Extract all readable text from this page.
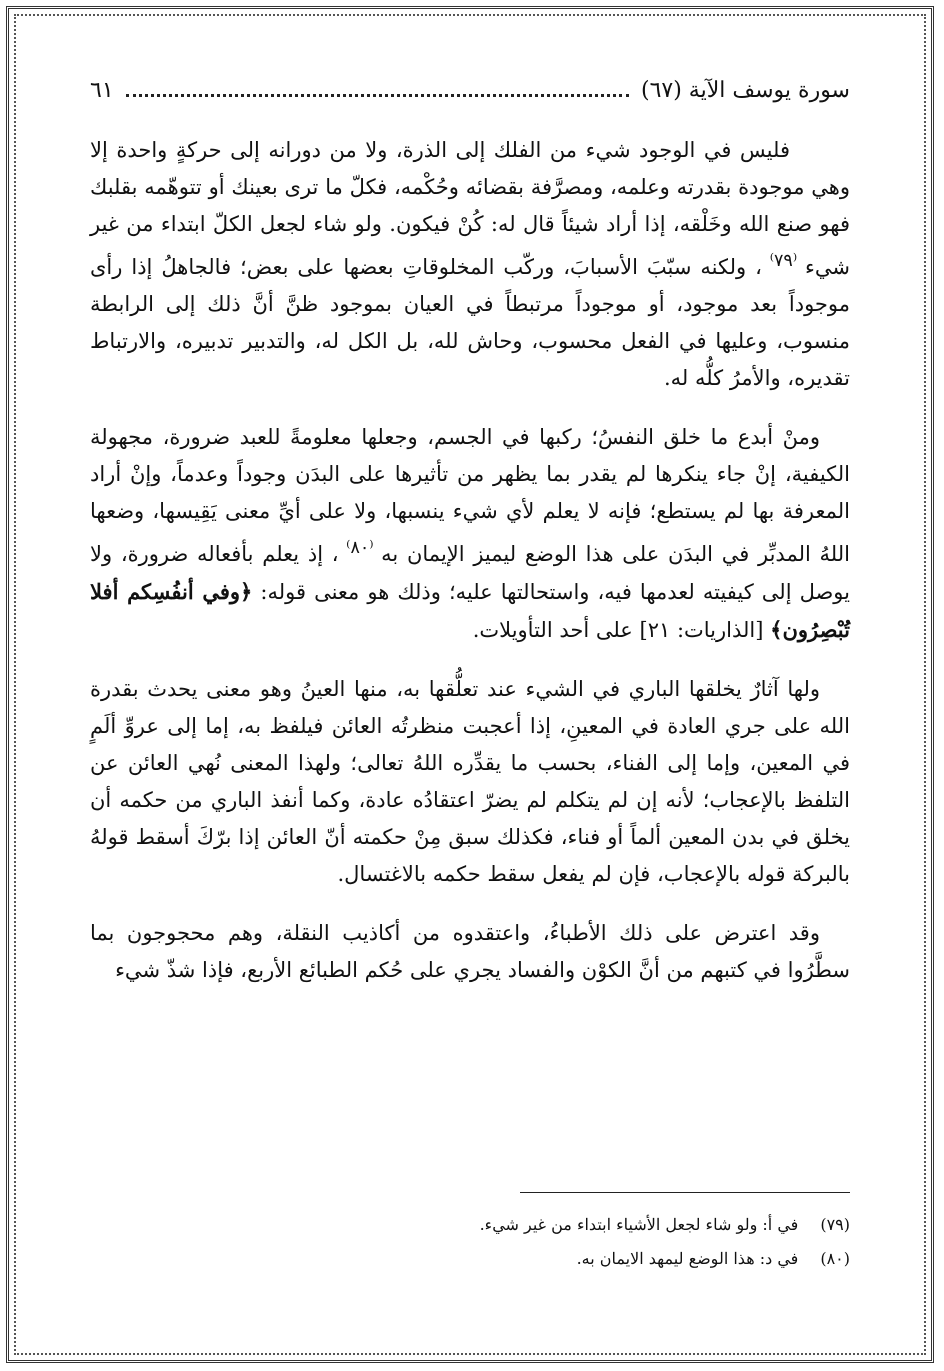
سورة يوسف الآية (٦٧)
٦١

فليس في الوجود شيء من الفلك إلى الذرة، ولا من دورانه إلى حركةٍ واحدة إلا وهي موجودة بقدرته وعلمه، ومصرَّفة بقضائه وحُكْمه، فكلّ ما ترى بعينك أو تتوهّمه بقلبك فهو صنع الله وخَلْقه، إذا أراد شيئاً قال له: كُنْ فيكون. ولو شاء لجعل الكلّ ابتداء من غير شيء $^{^(٧٩^)}$ ، ولكنه سبّبَ الأسبابَ، وركّب المخلوقاتِ بعضها على بعض؛ فالجاهلُ إذا رأى موجوداً بعد موجود، أو موجوداً مرتبطاً في العيان بموجود ظنَّ أنَّ ذلك إلى الرابطة منسوب، وعليها في الفعل محسوب، وحاش لله، بل الكل له، والتدبير تدبيره، والارتباط تقديره، والأمرُ كلُّه له.

ومنْ أبدع ما خلق النفسُ؛ ركبها في الجسم، وجعلها معلومةً للعبد ضرورة، مجهولة الكيفية، إنْ جاء ينكرها لم يقدر بما يظهر من تأثيرها على البدَن وجوداً وعدماً، وإنْ أراد المعرفة بها لم يستطع؛ فإنه لا يعلم لأي شيء ينسبها، ولا على أيِّ معنى يَقِيسها، وضعها اللهُ المدبِّر في البدَن على هذا الوضع ليميز الإيمان به $^{^(٨٠^)}$ ، إذ يعلم بأفعاله ضرورة، ولا يوصل إلى كيفيته لعدمها فيه، واستحالتها عليه؛ وذلك هو معنى قوله: ﴿وفي أنفُسِكم أفلا تُبْصِرُون﴾ [الذاريات: ٢١] على أحد التأويلات.

ولها آثارٌ يخلقها الباري في الشيء عند تعلُّقها به، منها العينُ وهو معنى يحدث بقدرة الله على جري العادة في المعينِ، إذا أعجبت منظرتُه العائن فيلفظ به، إما إلى عروِّ ألَمٍ في المعين، وإما إلى الفناء، بحسب ما يقدِّره اللهُ تعالى؛ ولهذا المعنى نُهي العائن عن التلفظ بالإعجاب؛ لأنه إن لم يتكلم لم يضرّ اعتقادُه عادة، وكما أنفذ الباري من حكمه أن يخلق في بدن المعين ألماً أو فناء، فكذلك سبق مِنْ حكمته أنّ العائن إذا برّكَ أسقط قولهُ بالبركة قوله بالإعجاب، فإن لم يفعل سقط حكمه بالاغتسال.

وقد اعترض على ذلك الأطباءُ، واعتقدوه من أكاذيب النقلة، وهم محجوجون بما سطَّرُوا في كتبهم من أنَّ الكوْن والفساد يجري على حُكم الطبائع الأربع، فإذا شذّ شيء

(٧٩)
في أ: ولو شاء لجعل الأشياء ابتداء من غير شيء.
(٨٠)
في د: هذا الوضع ليمهد الايمان به.
